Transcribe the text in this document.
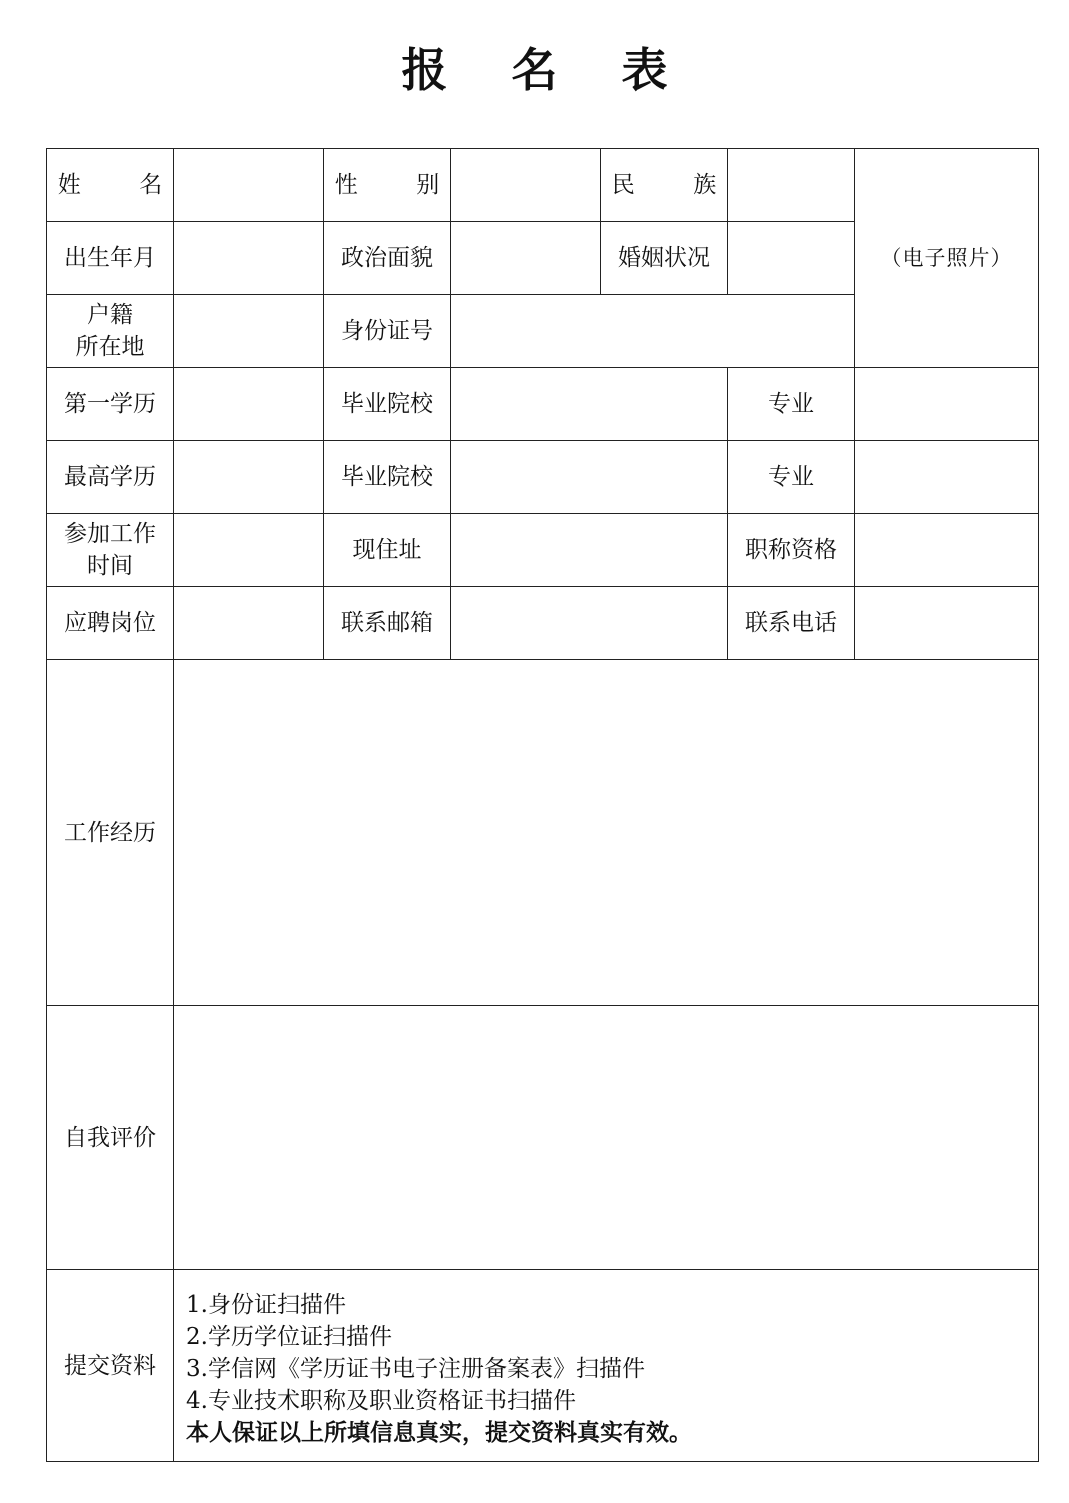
报    名    表
姓        名		性        别		民        族		（电子照片）
出生年月		政治面貌		婚姻状况		

户籍
所在地		身份证号				
第一学历		毕业院校			专业	
最高学历		毕业院校			专业	

参加工作
时间		现住址			职称资格	
应聘岗位		联系邮箱			联系电话	
工作经历						
自我评价						
提交资料	1.身份证扫描件
2.学历学位证扫描件
3.学信网《学历证书电子注册备案表》扫描件
4.专业技术职称及职业资格证书扫描件
本人保证以上所填信息真实，提交资料真实有效。					
